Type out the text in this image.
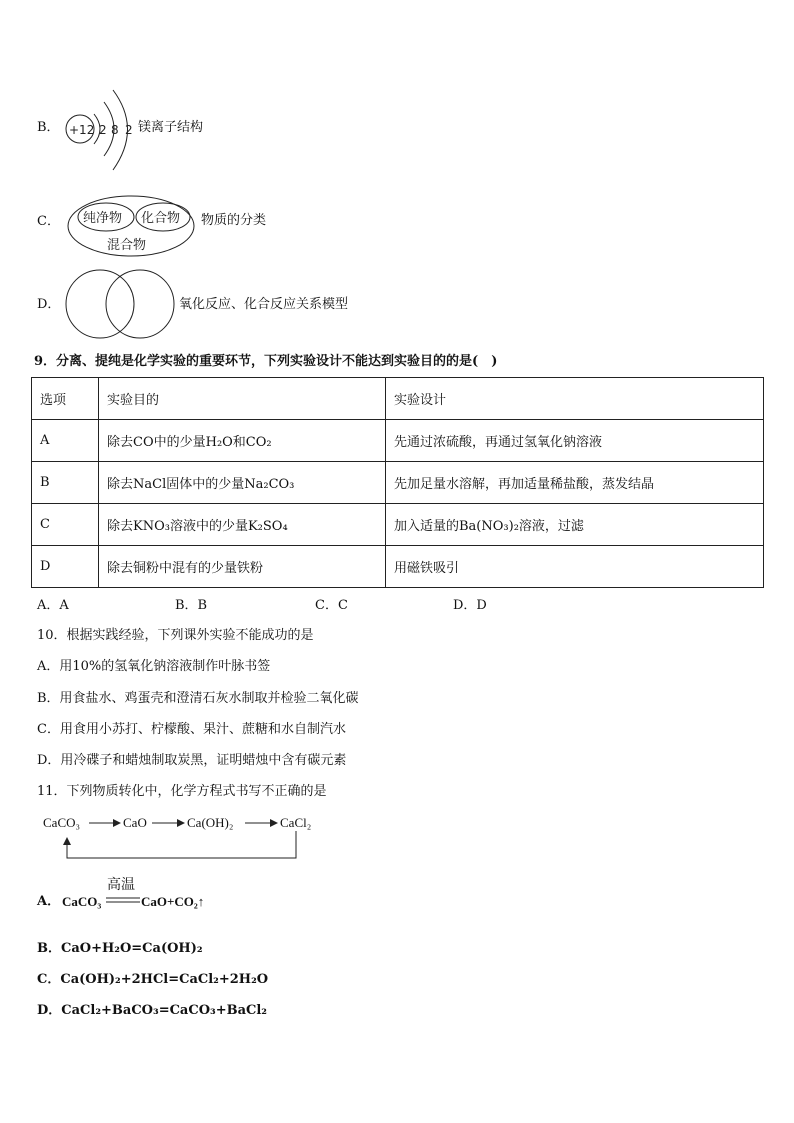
B． +12 2 8 2 镁离子结构
C． 纯净物 化合物
混合物
物质的分类
D．	氧化反应、化合反应关系模型
9．分离、提纯是化学实验的重要环节，下列实验设计不能达到实验目的的是(　)
选项	实验目的	实验设计
A	除去CO中的少量H₂O和CO₂	先通过浓硫酸，再通过氢氧化钠溶液
B	除去NaCl固体中的少量Na₂CO₃	先加足量水溶解，再加适量稀盐酸，蒸发结晶
C	除去KNO₃溶液中的少量K₂SO₄	加入适量的Ba(NO₃)₂溶液，过滤
D	除去铜粉中混有的少量铁粉	用磁铁吸引
A．A	B．B	C．C	D．D
10．根据实践经验，下列课外实验不能成功的是
A．用10%的氢氧化钠溶液制作叶脉书签
B．用食盐水、鸡蛋壳和澄清石灰水制取并检验二氧化碳
C．用食用小苏打、柠檬酸、果汁、蔗糖和水自制汽水
D．用冷碟子和蜡烛制取炭黑，证明蜡烛中含有碳元素
11．下列物质转化中，化学方程式书写不正确的是
CaCO₃	CaO	Ca(OH)₂	CaCl₂
A． CaCO₃
高温
CaO+CO₂↑
B．CaO+H₂O=Ca(OH)₂
C．Ca(OH)₂+2HCl=CaCl₂+2H₂O
D．CaCl₂+BaCO₃=CaCO₃+BaCl₂
